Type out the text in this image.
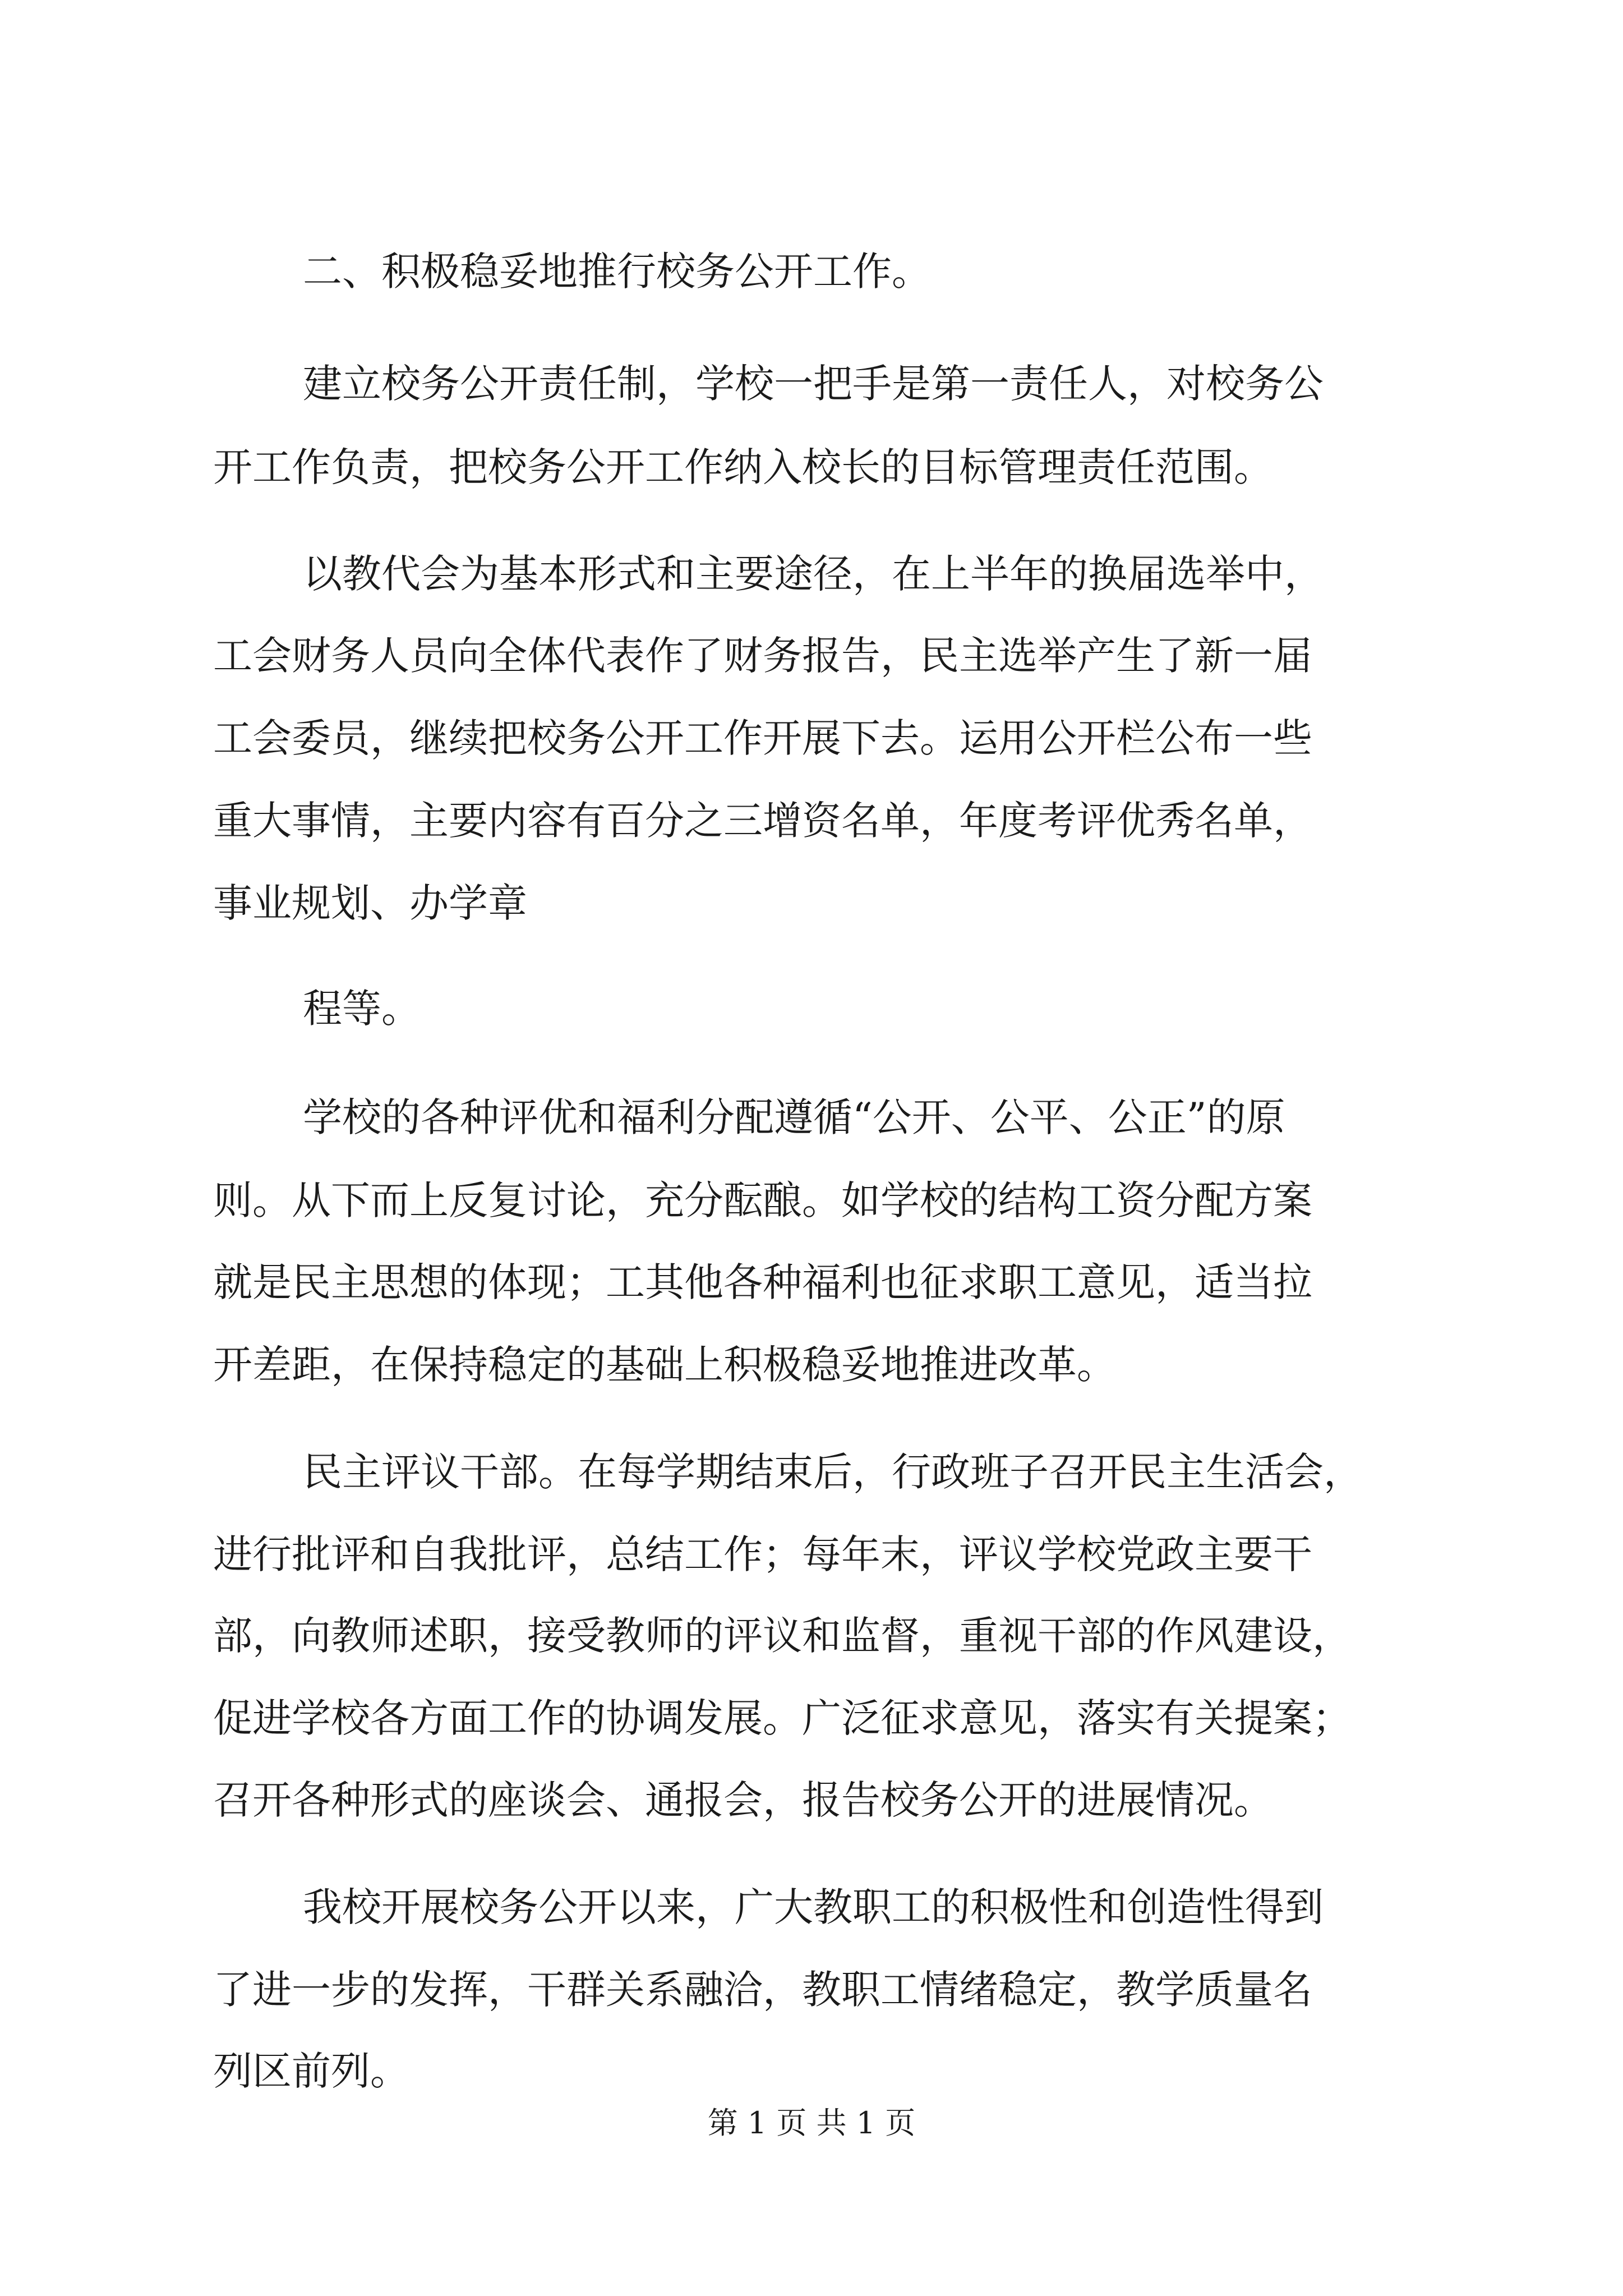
二、积极稳妥地推行校务公开工作。
建立校务公开责任制，学校一把手是第一责任人，对校务公
开工作负责，把校务公开工作纳入校长的目标管理责任范围。
以教代会为基本形式和主要途径，在上半年的换届选举中，
工会财务人员向全体代表作了财务报告，民主选举产生了新一届
工会委员，继续把校务公开工作开展下去。运用公开栏公布一些
重大事情，主要内容有百分之三增资名单，年度考评优秀名单，
事业规划、办学章
程等。
学校的各种评优和福利分配遵循“公开、公平、公正”的原
则。从下而上反复讨论，充分酝酿。如学校的结构工资分配方案
就是民主思想的体现；工其他各种福利也征求职工意见，适当拉
开差距，在保持稳定的基础上积极稳妥地推进改革。
民主评议干部。在每学期结束后，行政班子召开民主生活会，
进行批评和自我批评，总结工作；每年末，评议学校党政主要干
部，向教师述职，接受教师的评议和监督，重视干部的作风建设，
促进学校各方面工作的协调发展。广泛征求意见，落实有关提案；
召开各种形式的座谈会、通报会，报告校务公开的进展情况。
我校开展校务公开以来，广大教职工的积极性和创造性得到
了进一步的发挥，干群关系融洽，教职工情绪稳定，教学质量名
列区前列。
第 1 页 共 1 页
